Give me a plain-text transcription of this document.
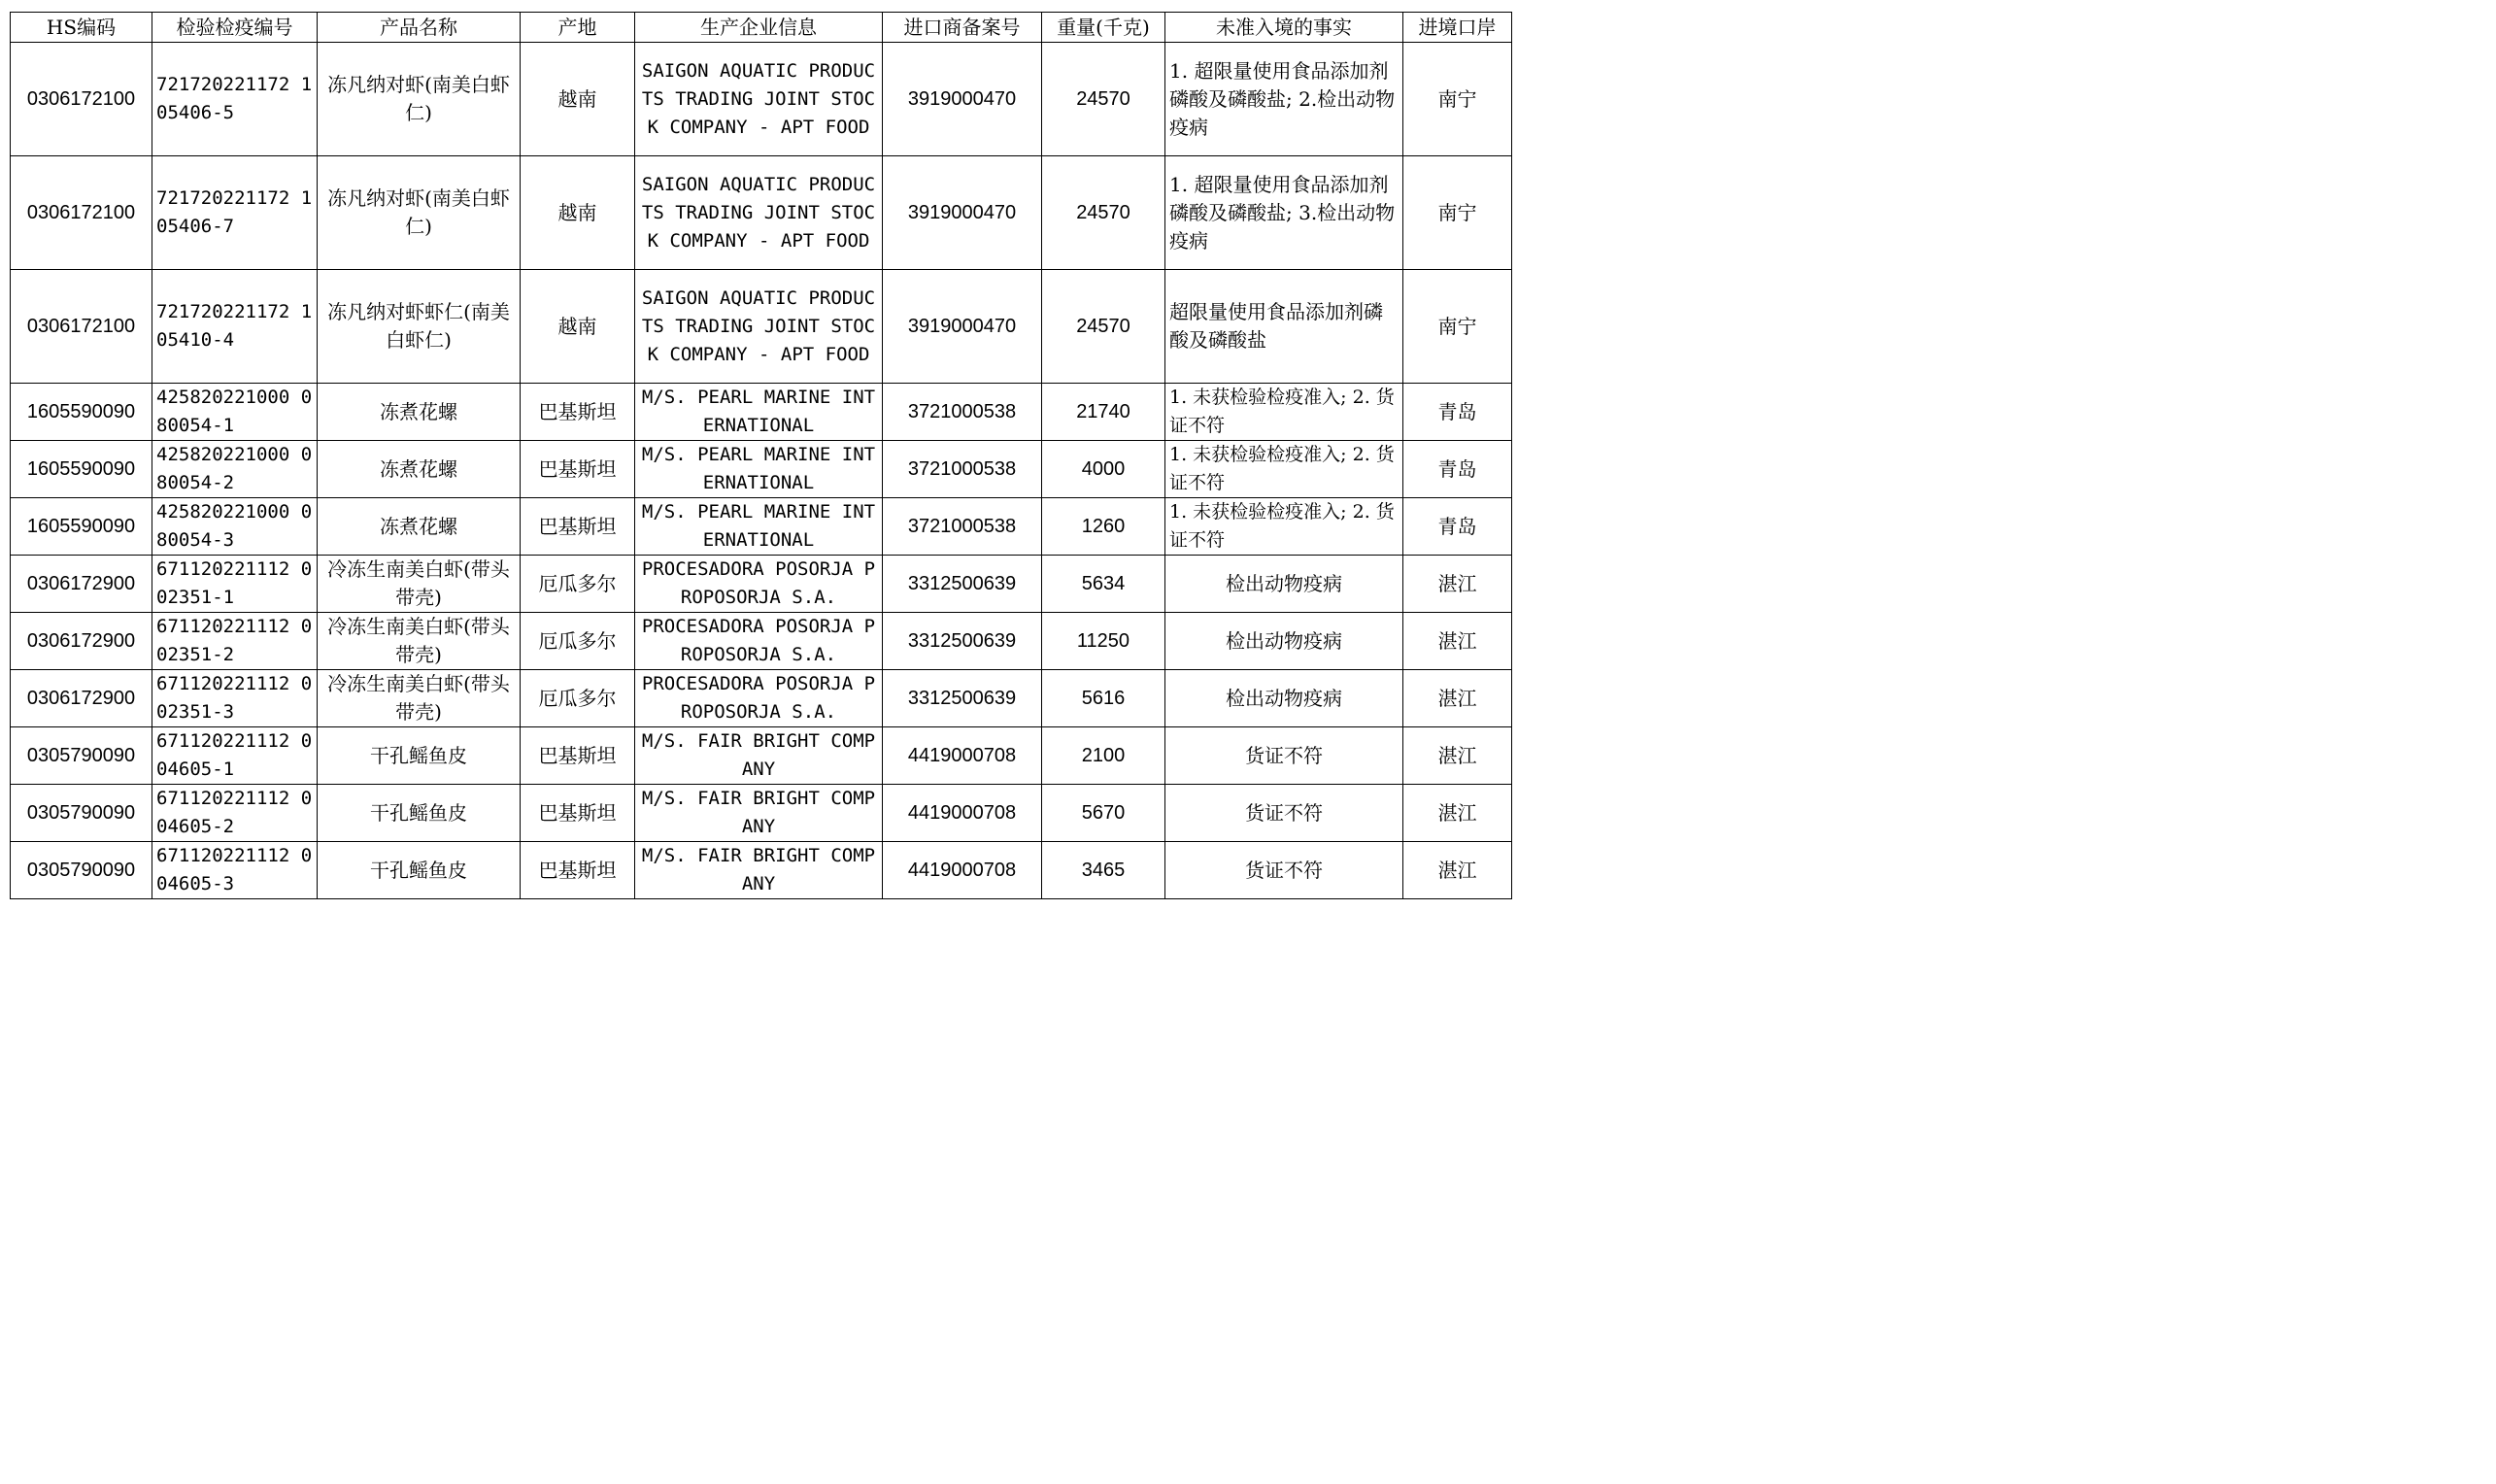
HS编码	检验检疫编号	产品名称	产地	生产企业信息	进口商备案号	重量(千克)	未准入境的事实	进境口岸
0306172100	721720221172 105406-5	冻凡纳对虾(南美白虾仁)	越南	SAIGON AQUATIC PRODUCTS TRADING JOINT STOCK COMPANY - APT FOOD	3919000470	24570	1. 超限量使用食品添加剂磷酸及磷酸盐; 2.检出动物疫病	南宁
0306172100	721720221172 105406-7	冻凡纳对虾(南美白虾仁)	越南	SAIGON AQUATIC PRODUCTS TRADING JOINT STOCK COMPANY - APT FOOD	3919000470	24570	1. 超限量使用食品添加剂磷酸及磷酸盐; 3.检出动物疫病	南宁
0306172100	721720221172 105410-4	冻凡纳对虾虾仁(南美白虾仁)	越南	SAIGON AQUATIC PRODUCTS TRADING JOINT STOCK COMPANY - APT FOOD	3919000470	24570	超限量使用食品添加剂磷酸及磷酸盐	南宁
1605590090	425820221000 080054-1	冻煮花螺	巴基斯坦	M/S. PEARL MARINE INTERNATIONAL	3721000538	21740	1. 未获检验检疫准入; 2. 货证不符	青岛
1605590090	425820221000 080054-2	冻煮花螺	巴基斯坦	M/S. PEARL MARINE INTERNATIONAL	3721000538	4000	1. 未获检验检疫准入; 2. 货证不符	青岛
1605590090	425820221000 080054-3	冻煮花螺	巴基斯坦	M/S. PEARL MARINE INTERNATIONAL	3721000538	1260	1. 未获检验检疫准入; 2. 货证不符	青岛
0306172900	671120221112 002351-1	冷冻生南美白虾(带头带壳)	厄瓜多尔	PROCESADORA POSORJA PROPOSORJA S.A.	3312500639	5634	检出动物疫病	湛江
0306172900	671120221112 002351-2	冷冻生南美白虾(带头带壳)	厄瓜多尔	PROCESADORA POSORJA PROPOSORJA S.A.	3312500639	11250	检出动物疫病	湛江
0306172900	671120221112 002351-3	冷冻生南美白虾(带头带壳)	厄瓜多尔	PROCESADORA POSORJA PROPOSORJA S.A.	3312500639	5616	检出动物疫病	湛江
0305790090	671120221112 004605-1	干孔鳐鱼皮	巴基斯坦	M/S. FAIR BRIGHT COMPANY	4419000708	2100	货证不符	湛江
0305790090	671120221112 004605-2	干孔鳐鱼皮	巴基斯坦	M/S. FAIR BRIGHT COMPANY	4419000708	5670	货证不符	湛江
0305790090	671120221112 004605-3	干孔鳐鱼皮	巴基斯坦	M/S. FAIR BRIGHT COMPANY	4419000708	3465	货证不符	湛江
